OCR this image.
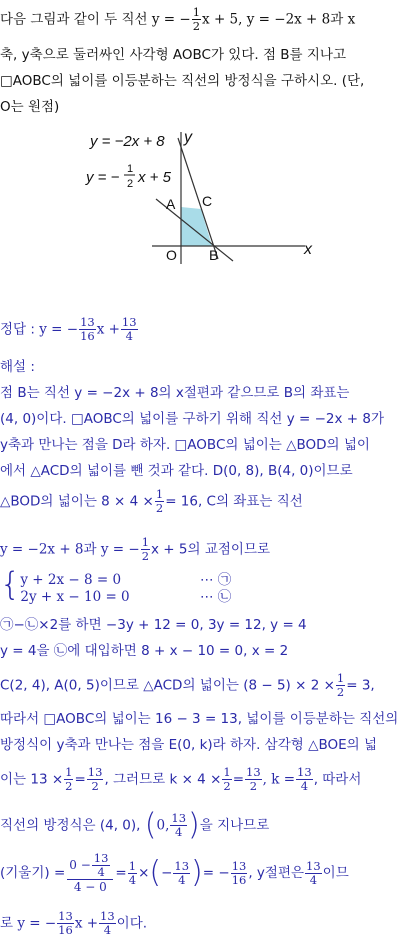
다음 그림과 같이 두 직선 y = − $\frac{1}{2}$ x + 5, y = −2x + 8과 x
축, y축으로 둘러싸인 사각형 AOBC가 있다. 점 B를 지나고
□AOBC의 넓이를 이등분하는 직선의 방정식을 구하시오. (단,
O는 원점)
y = −2x + 8
y = − 1
2 x + 5
y
x
A C
O B
정답 : y = − $\frac{13}{16}$ $x + \frac{13}{4}$
해설 :
점 B는 직선 y = −2x + 8의 x절편과 같으므로 B의 좌표는
(4, 0)이다. □AOBC의 넓이를 구하기 위해 직선 y = −2x + 8가
y축과 만나는 점을 D라 하자. □AOBC의 넓이는 △BOD의 넓이
에서 △ACD의 넓이를 뺀 것과 같다. D(0, 8), B(4, 0)이므로
△BOD의 넓이는 $8 \times 4 \times \frac{1}{2} = 16$, C의 좌표는 직선
y = −2x + 8과 y = − $\frac{1}{2}$ x + 5의 교점이므로
{ y + 2x − 8 = 0
2y + x − 10 = 0
⋯ ㉠
⋯ ㉡
㉠−㉡×2를 하면 −3y + 12 = 0, 3y = 12, y = 4
y = 4을 ㉡에 대입하면 8 + x − 10 = 0, x = 2
C(2, 4), A(0, 5)이므로 △ACD의 넓이는 $(8 - 5) \times 2 \times \frac{1}{2} = 3$,
따라서 □AOBC의 넓이는 16 − 3 = 13, 넓이를 이등분하는 직선의
방정식이 y축과 만나는 점을 E(0, k)라 하자. 삼각형 △BOE의 넓
이는 $13 \times \frac{1}{2} = \frac{13}{2}$ , 그러므로 $k \times 4 \times \frac{1}{2} = \frac{13}{2}$ , $k = \frac{13}{4}$ , 따라서
직선의 방정식은 (4, 0), (0, $\frac{13}{4}$ )을 지나므로
(기울기) = $\frac{0 - \frac{13}{4}}{4 - 0} = \frac{1}{4}$ ×(− $\frac{13}{4}$ )= − $\frac{13}{16}$ , y절편은 $\frac{13}{4}$ 이므
로 y = − $\frac{13}{16}$ $x + \frac{13}{4}$ 이다.
